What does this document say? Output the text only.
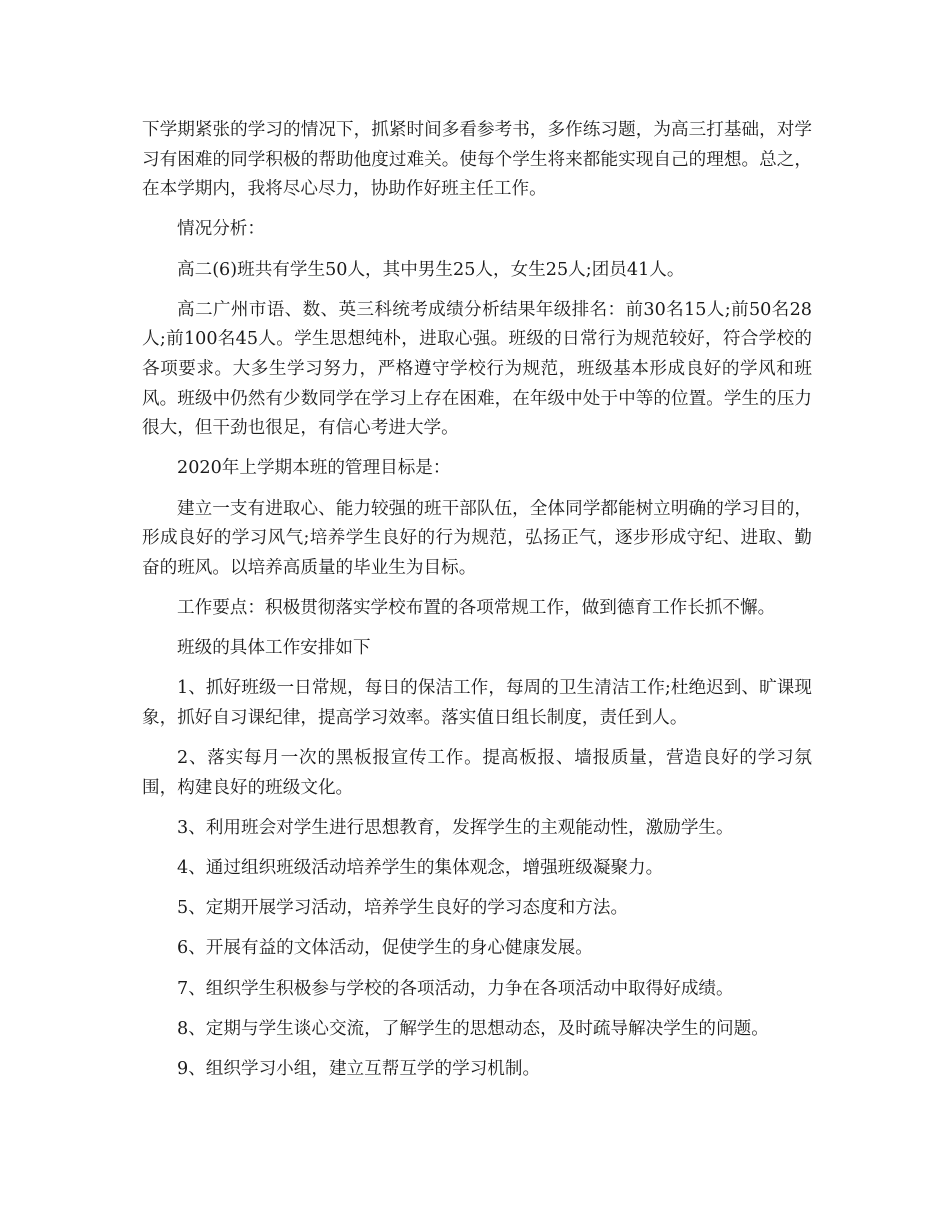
下学期紧张的学习的情况下，抓紧时间多看参考书，多作练习题，为高三打基础，对学习有困难的同学积极的帮助他度过难关。使每个学生将来都能实现自己的理想。总之，在本学期内，我将尽心尽力，协助作好班主任工作。

情况分析：

高二(6)班共有学生50人，其中男生25人，女生25人;团员41人。

高二广州市语、数、英三科统考成绩分析结果年级排名：前30名15人;前50名28人;前100名45人。学生思想纯朴，进取心强。班级的日常行为规范较好，符合学校的各项要求。大多生学习努力，严格遵守学校行为规范，班级基本形成良好的学风和班风。班级中仍然有少数同学在学习上存在困难，在年级中处于中等的位置。学生的压力很大，但干劲也很足，有信心考进大学。

2020年上学期本班的管理目标是：

建立一支有进取心、能力较强的班干部队伍，全体同学都能树立明确的学习目的，形成良好的学习风气;培养学生良好的行为规范，弘扬正气，逐步形成守纪、进取、勤奋的班风。以培养高质量的毕业生为目标。

工作要点：积极贯彻落实学校布置的各项常规工作，做到德育工作长抓不懈。

班级的具体工作安排如下

1、抓好班级一日常规，每日的保洁工作，每周的卫生清洁工作;杜绝迟到、旷课现象，抓好自习课纪律，提高学习效率。落实值日组长制度，责任到人。

2、落实每月一次的黑板报宣传工作。提高板报、墙报质量，营造良好的学习氛围，构建良好的班级文化。

3、利用班会对学生进行思想教育，发挥学生的主观能动性，激励学生。

4、通过组织班级活动培养学生的集体观念，增强班级凝聚力。

5、定期开展学习活动，培养学生良好的学习态度和方法。

6、开展有益的文体活动，促使学生的身心健康发展。

7、组织学生积极参与学校的各项活动，力争在各项活动中取得好成绩。

8、定期与学生谈心交流，了解学生的思想动态，及时疏导解决学生的问题。

9、组织学习小组，建立互帮互学的学习机制。
